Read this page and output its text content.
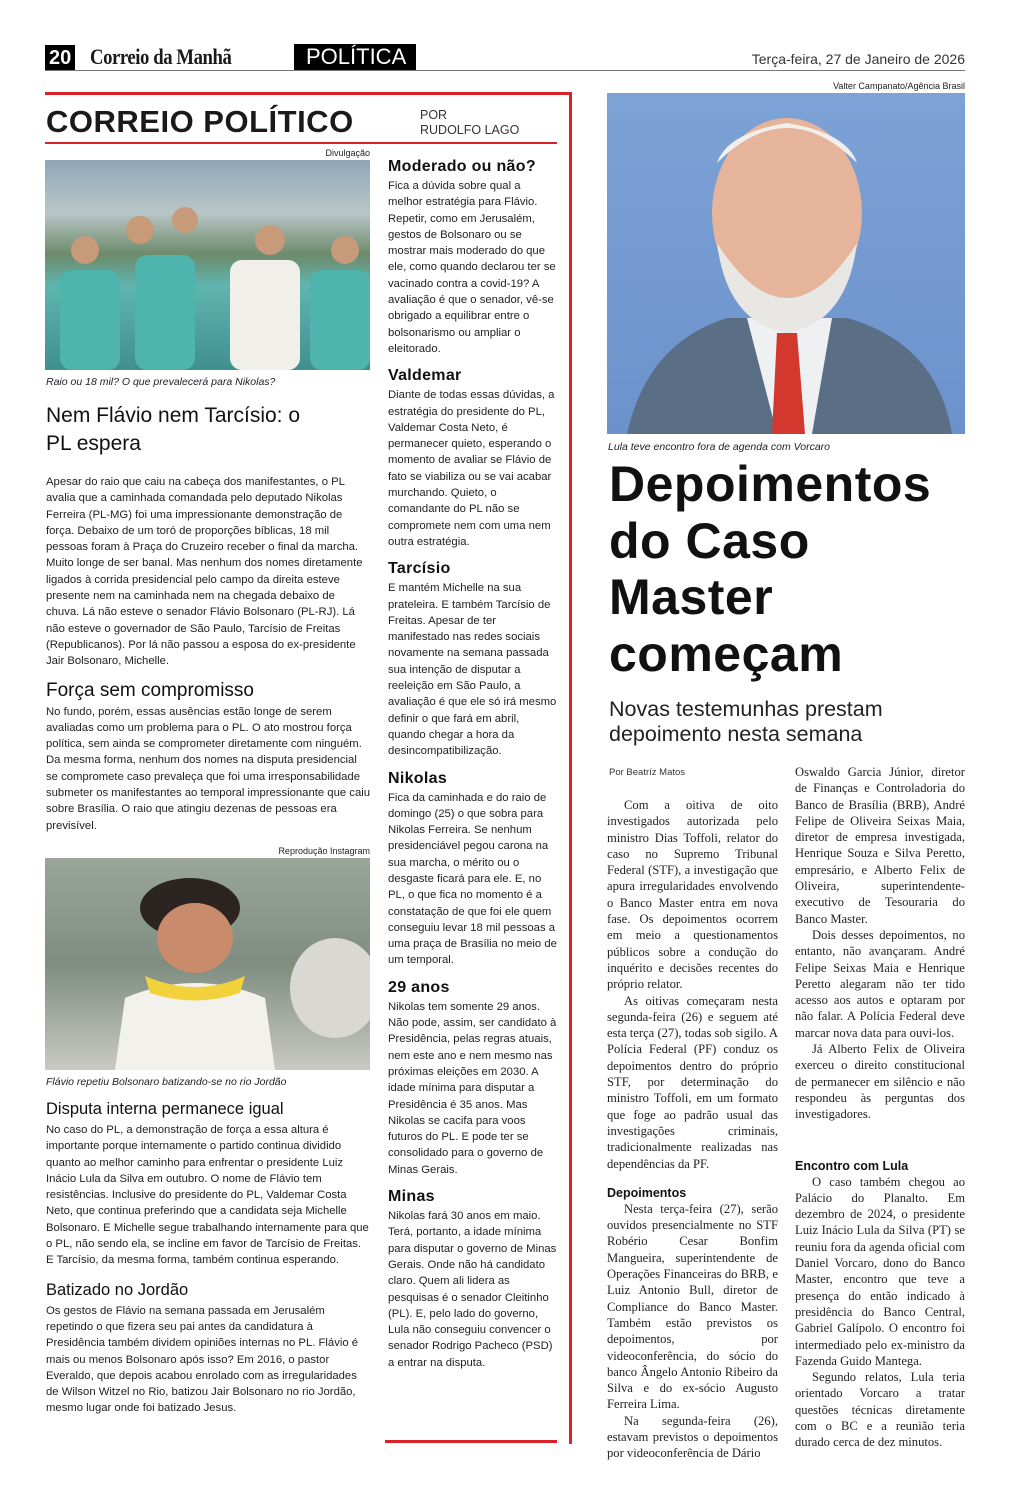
20 Correio da Manhã	POLÍTICA	Terça-feira, 27 de Janeiro de 2026
CORREIO POLÍTICO	POR
RUDOLFO LAGO
Divulgação
Raio ou 18 mil? O que prevalecerá para Nikolas?
Nem Flávio nem Tarcísio: o PL espera

Apesar do raio que caiu na cabeça dos manifestantes, o PL avalia que a caminhada comandada pelo deputado Nikolas Ferreira (PL-MG) foi uma impressionante demonstração de força. Debaixo de um toró de proporções bíblicas, 18 mil pessoas foram à Praça do Cruzeiro receber o final da marcha. Muito longe de ser banal. Mas nenhum dos nomes diretamente ligados à corrida presidencial pelo campo da direita esteve presente nem na caminhada nem na chegada debaixo de chuva. Lá não esteve o senador Flávio Bolsonaro (PL-RJ). Lá não esteve o governador de São Paulo, Tarcísio de Freitas (Republicanos). Por lá não passou a esposa do ex-presidente Jair Bolsonaro, Michelle.

Força sem compromisso

No fundo, porém, essas ausências estão longe de serem avaliadas como um problema para o PL. O ato mostrou força política, sem ainda se comprometer diretamente com ninguém. Da mesma forma, nenhum dos nomes na disputa presidencial se compromete caso prevaleça que foi uma irresponsabilidade submeter os manifestantes ao temporal impressionante que caiu sobre Brasília. O raio que atingiu dezenas de pessoas era previsível.

Reprodução Instagram
Flávio repetiu Bolsonaro batizando-se no rio Jordão
Disputa interna permanece igual

No caso do PL, a demonstração de força a essa altura é importante porque internamente o partido continua dividido quanto ao melhor caminho para enfrentar o presidente Luiz Inácio Lula da Silva em outubro. O nome de Flávio tem resistências. Inclusive do presidente do PL, Valdemar Costa Neto, que continua preferindo que a candidata seja Michelle Bolsonaro. E Michelle segue trabalhando internamente para que o PL, não sendo ela, se incline em favor de Tarcísio de Freitas. E Tarcísio, da mesma forma, também continua esperando.

Batizado no Jordão

Os gestos de Flávio na semana passada em Jerusalém repetindo o que fizera seu pai antes da candidatura à Presidência também dividem opiniões internas no PL. Flávio é mais ou menos Bolsonaro após isso? Em 2016, o pastor Everaldo, que depois acabou enrolado com as irregularidades de Wilson Witzel no Rio, batizou Jair Bolsonaro no rio Jordão, mesmo lugar onde foi batizado Jesus.

Moderado ou não?

Fica a dúvida sobre qual a melhor estratégia para Flávio. Repetir, como em Jerusalém, gestos de Bolsonaro ou se mostrar mais moderado do que ele, como quando declarou ter se vacinado contra a covid-19? A avaliação é que o senador, vê-se obrigado a equilibrar entre o bolsonarismo ou ampliar o eleitorado.

Valdemar

Diante de todas essas dúvidas, a estratégia do presidente do PL, Valdemar Costa Neto, é permanecer quieto, esperando o momento de avaliar se Flávio de fato se viabiliza ou se vai acabar murchando. Quieto, o comandante do PL não se compromete nem com uma nem outra estratégia.

Tarcísio

E mantém Michelle na sua prateleira. E também Tarcísio de Freitas. Apesar de ter manifestado nas redes sociais novamente na semana passada sua intenção de disputar a reeleição em São Paulo, a avaliação é que ele só irá mesmo definir o que fará em abril, quando chegar a hora da desincompatibilização.

Nikolas

Fica da caminhada e do raio de domingo (25) o que sobra para Nikolas Ferreira. Se nenhum presidenciável pegou carona na sua marcha, o mérito ou o desgaste ficará para ele. E, no PL, o que fica no momento é a constatação de que foi ele quem conseguiu levar 18 mil pessoas a uma praça de Brasília no meio de um temporal.

29 anos

Nikolas tem somente 29 anos. Não pode, assim, ser candidato à Presidência, pelas regras atuais, nem este ano e nem mesmo nas próximas eleições em 2030. A idade mínima para disputar a Presidência é 35 anos. Mas Nikolas se cacifa para voos futuros do PL. E pode ter se consolidado para o governo de Minas Gerais.

Minas

Nikolas fará 30 anos em maio. Terá, portanto, a idade mínima para disputar o governo de Minas Gerais. Onde não há candidato claro. Quem ali lidera as pesquisas é o senador Cleitinho (PL). E, pelo lado do governo, Lula não conseguiu convencer o senador Rodrigo Pacheco (PSD) a entrar na disputa.

Valter Campanato/Agência Brasil
Lula teve encontro fora de agenda com Vorcaro
Depoimentos do Caso Master começam
Novas testemunhas prestam depoimento nesta semana
Por Beatríz Matos

Com a oitiva de oito investigados autorizada pelo ministro Dias Toffoli, relator do caso no Supremo Tribunal Federal (STF), a investigação que apura irregularidades envolvendo o Banco Master entra em nova fase. Os depoimentos ocorrem em meio a questionamentos públicos sobre a condução do inquérito e decisões recentes do próprio relator.

As oitivas começaram nesta segunda-feira (26) e seguem até esta terça (27), todas sob sigilo. A Polícia Federal (PF) conduz os depoimentos dentro do próprio STF, por determinação do ministro Toffoli, em um formato que foge ao padrão usual das investigações criminais, tradicionalmente realizadas nas dependências da PF.

Depoimentos

Nesta terça-feira (27), serão ouvidos presencialmente no STF Robério Cesar Bonfim Mangueira, superintendente de Operações Financeiras do BRB, e Luiz Antonio Bull, diretor de Compliance do Banco Master. Também estão previstos os depoimentos, por videoconferência, do sócio do banco Ângelo Antonio Ribeiro da Silva e do ex-sócio Augusto Ferreira Lima.

Na segunda-feira (26), estavam previstos o depoimentos por videoconferência de Dário

Oswaldo Garcia Júnior, diretor de Finanças e Controladoria do Banco de Brasília (BRB), André Felipe de Oliveira Seixas Maia, diretor de empresa investigada, Henrique Souza e Silva Peretto, empresário, e Alberto Felix de Oliveira, superintendente-executivo de Tesouraria do Banco Master.

Dois desses depoimentos, no entanto, não avançaram. André Felipe Seixas Maia e Henrique Peretto alegaram não ter tido acesso aos autos e optaram por não falar. A Polícia Federal deve marcar nova data para ouvi-los.

Já Alberto Felix de Oliveira exerceu o direito constitucional de permanecer em silêncio e não respondeu às perguntas dos investigadores.

Encontro com Lula

O caso também chegou ao Palácio do Planalto. Em dezembro de 2024, o presidente Luiz Inácio Lula da Silva (PT) se reuniu fora da agenda oficial com Daniel Vorcaro, dono do Banco Master, encontro que teve a presença do então indicado à presidência do Banco Central, Gabriel Galípolo. O encontro foi intermediado pelo ex-ministro da Fazenda Guido Mantega.

Segundo relatos, Lula teria orientado Vorcaro a tratar questões técnicas diretamente com o BC e a reunião teria durado cerca de dez minutos.
